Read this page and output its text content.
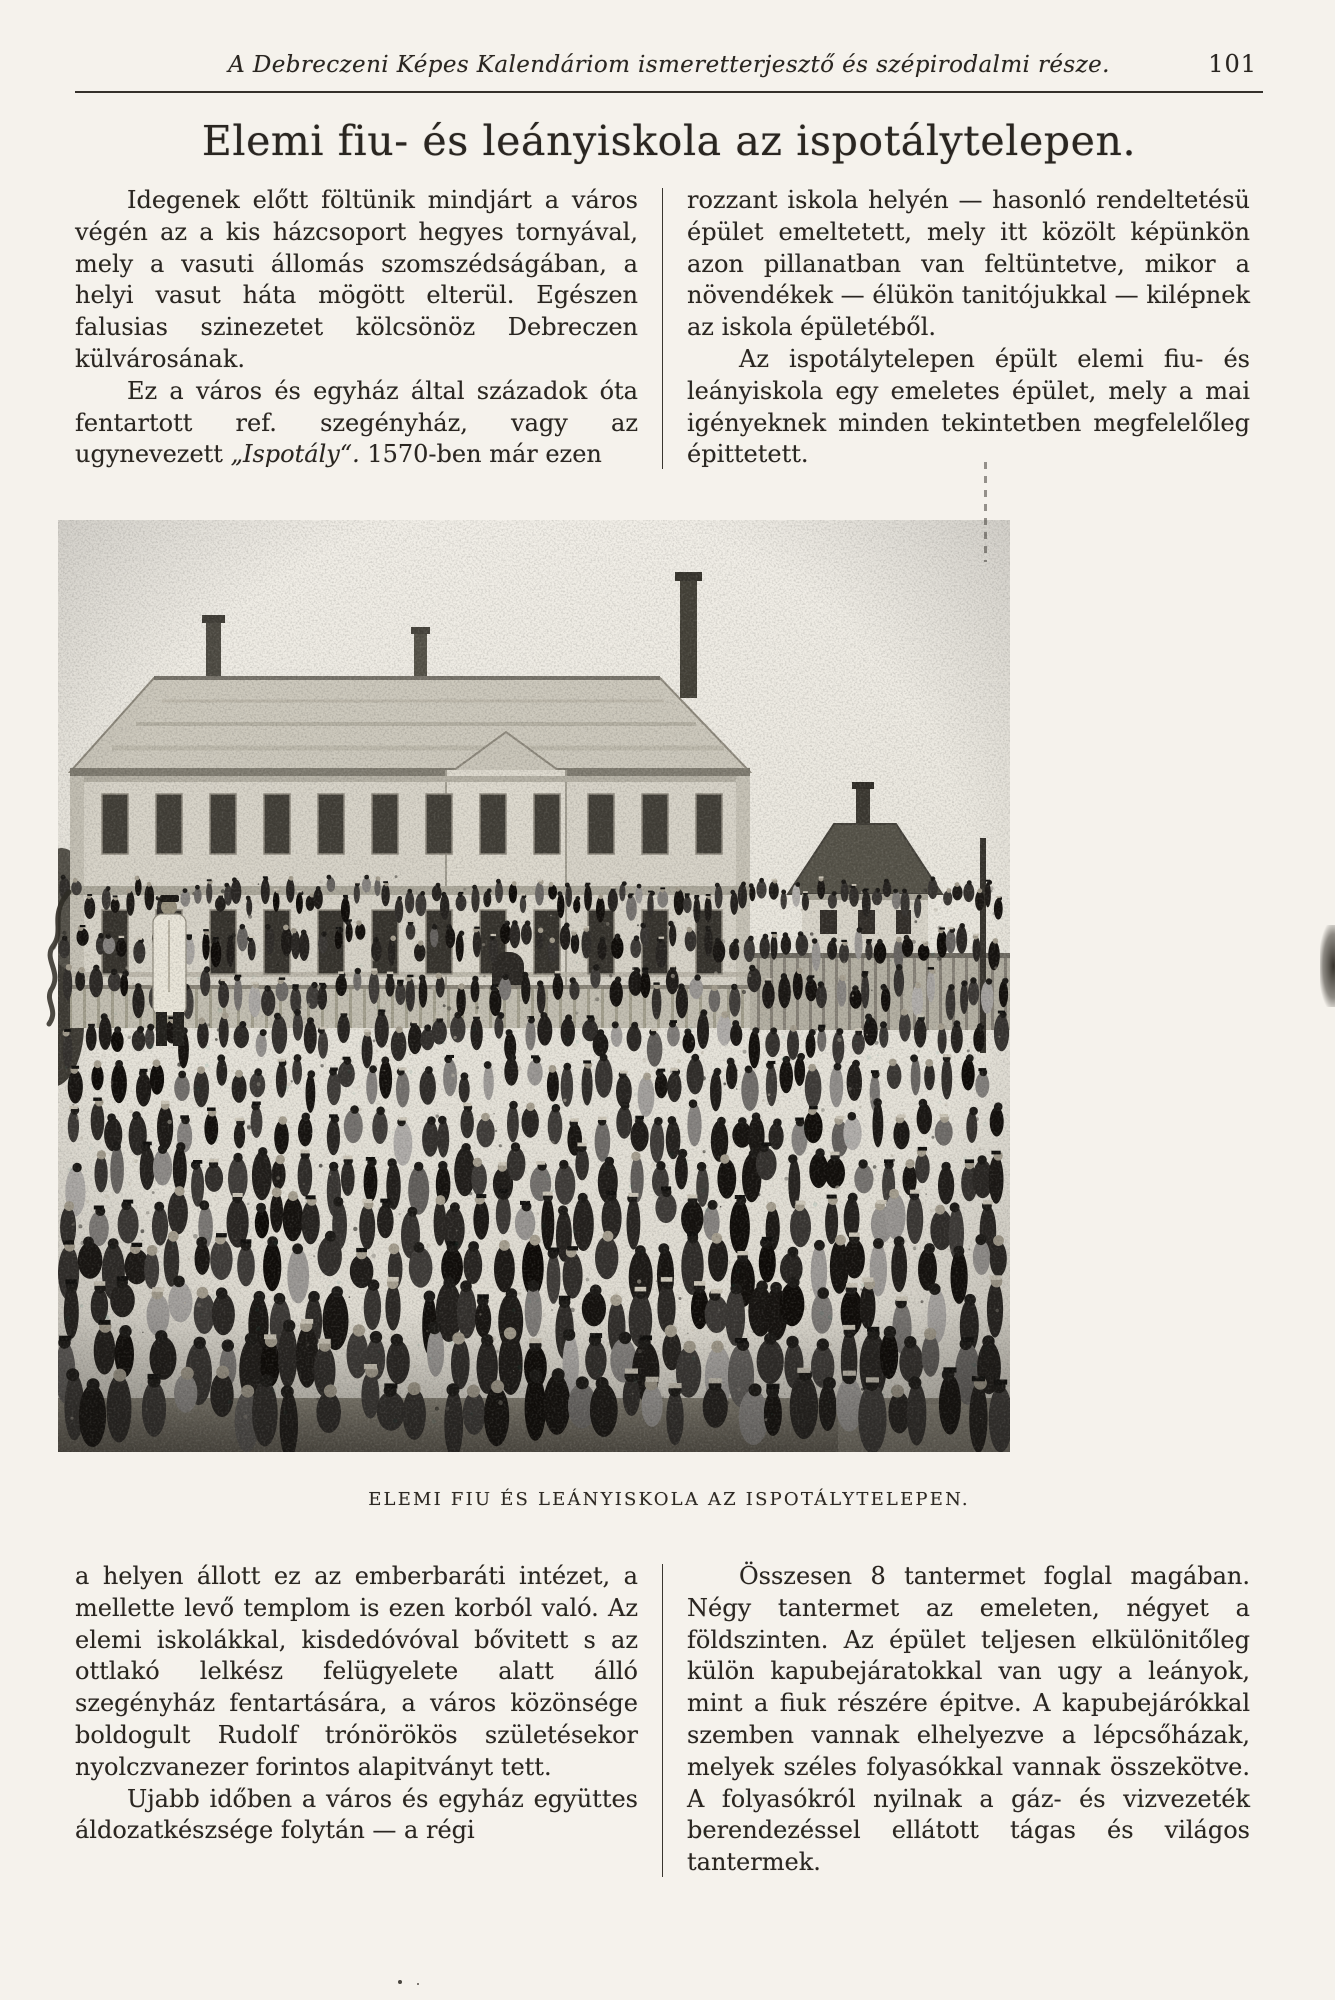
A Debreczeni Képes Kalendáriom ismeretterjesztő és szépirodalmi része.	101
Elemi fiu- és leányiskola az ispotálytelepen.

Idegenek előtt föltünik mindjárt a város végén az a kis házcsoport hegyes tornyával, mely a vasuti állomás szomszédságában, a helyi vasut háta mögött elterül. Egészen falusias szinezetet kölcsönöz Debreczen külvárosának.

Ez a város és egyház által századok óta fentartott ref. szegényház, vagy az ugynevezett „Ispotály“. 1570-ben már ezen

rozzant iskola helyén — hasonló rendeltetésü épület emeltetett, mely itt közölt képünkön azon pillanatban van feltüntetve, mikor a növendékek — élükön tanitójukkal — kilépnek az iskola épületéből.

Az ispotálytelepen épült elemi fiu- és leányiskola egy emeletes épület, mely a mai igényeknek minden tekintetben megfelelőleg épittetett.

ELEMI FIU ÉS LEÁNYISKOLA AZ ISPOTÁLYTELEPEN.

a helyen állott ez az emberbaráti intézet, a mellette levő templom is ezen korból való. Az elemi iskolákkal, kisdedóvóval bővitett s az ottlakó lelkész felügyelete alatt álló szegényház fentartására, a város közönsége boldogult Rudolf trónörökös születésekor nyolczvanezer forintos alapitványt tett.

Ujabb időben a város és egyház együttes áldozatkészsége folytán — a régi

Összesen 8 tantermet foglal magában. Négy tantermet az emeleten, négyet a földszinten. Az épület teljesen elkülönitőleg külön kapubejáratokkal van ugy a leányok, mint a fiuk részére épitve. A kapubejárókkal szemben vannak elhelyezve a lépcsőházak, melyek széles folyasókkal vannak összekötve. A folyasókról nyilnak a gáz- és vizvezeték berendezéssel ellátott tágas és világos tantermek.
